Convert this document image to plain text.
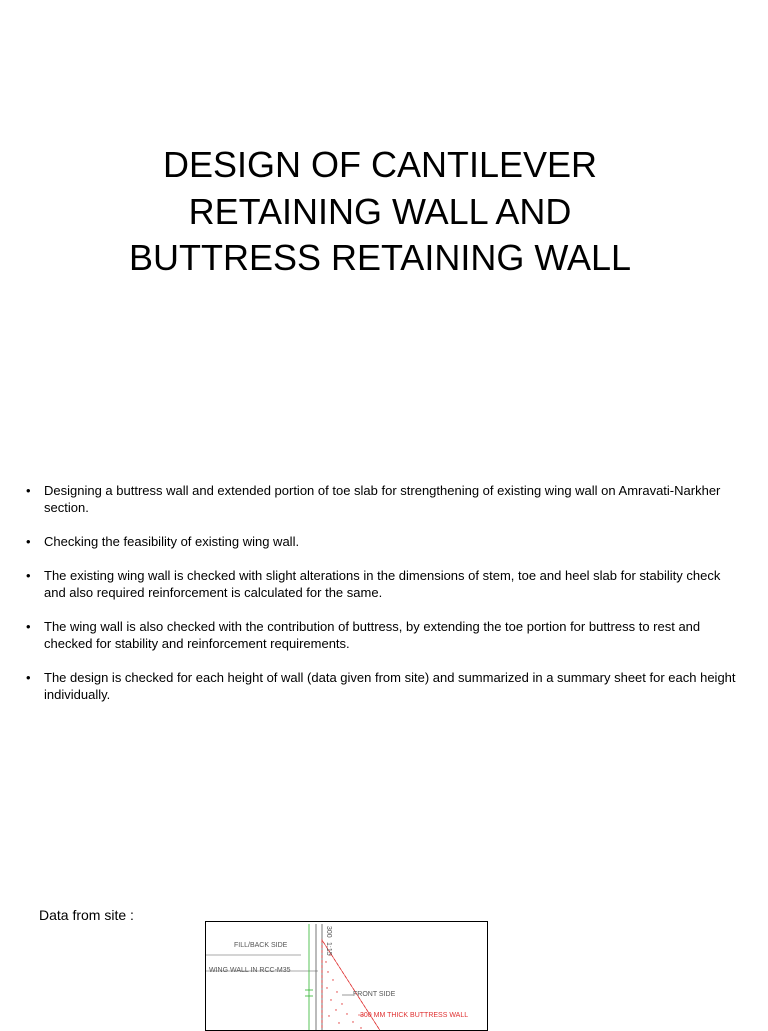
DESIGN OF CANTILEVER RETAINING WALL AND BUTTRESS RETAINING WALL
• Designing a buttress wall and extended portion of toe slab for strengthening of existing wing wall on Amravati-Narkher section.
• Checking the feasibility of existing wing wall.
• The existing wing wall is checked with slight alterations in the dimensions of stem, toe and heel slab for stability check and also required reinforcement is calculated for the same.
• The wing wall is also checked with the contribution of buttress, by extending the toe portion for buttress to rest and checked for stability and reinforcement requirements.
• The design is checked for each height of wall (data given from site) and summarized in a summary sheet for each height individually.
Data from site :
FILL/BACK SIDE
WING WALL IN RCC-M35
FRONT SIDE
300 MM THICK BUTTRESS WALL
300
1:15
